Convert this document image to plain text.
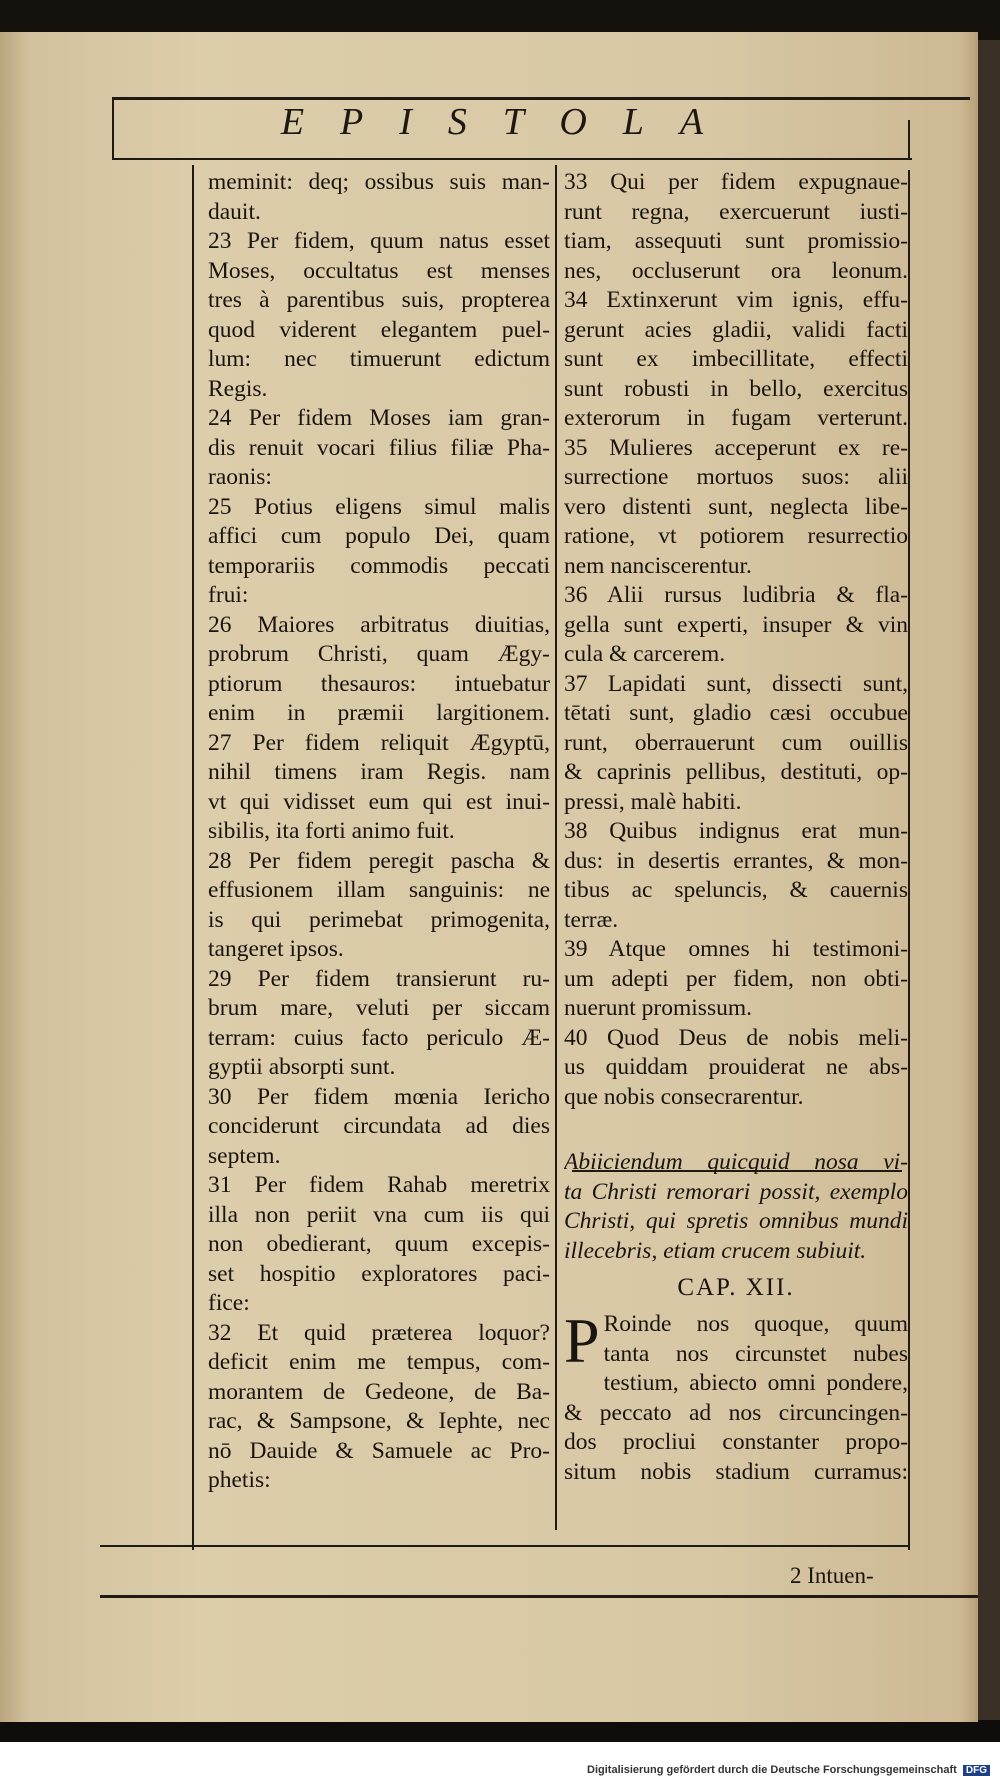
EPISTOLA
meminit: deq; ossibus suis man-
dauit.
23 Per fidem, quum natus esset
Moses, occultatus est menses
tres à parentibus suis, propterea
quod viderent elegantem puel-
lum: nec timuerunt edictum
Regis.
24 Per fidem Moses iam gran-
dis renuit vocari filius filiæ Pha-
raonis:
25 Potius eligens simul malis
affici cum populo Dei, quam
temporariis commodis peccati
frui:
26 Maiores arbitratus diuitias,
probrum Christi, quam Ægy-
ptiorum thesauros: intuebatur
enim in præmii largitionem.
27 Per fidem reliquit Ægyptū,
nihil timens iram Regis. nam
vt qui vidisset eum qui est inui-
sibilis, ita forti animo fuit.
28 Per fidem peregit pascha &
effusionem illam sanguinis: ne
is qui perimebat primogenita,
tangeret ipsos.
29 Per fidem transierunt ru-
brum mare, veluti per siccam
terram: cuius facto periculo Æ-
gyptii absorpti sunt.
30 Per fidem mœnia Iericho
conciderunt circundata ad dies
septem.
31 Per fidem Rahab meretrix
illa non periit vna cum iis qui
non obedierant, quum excepis-
set hospitio exploratores paci-
fice:
32 Et quid præterea loquor?
deficit enim me tempus, com-
morantem de Gedeone, de Ba-
rac, & Sampsone, & Iephte, nec
nō Dauide & Samuele ac Pro-
phetis:
33 Qui per fidem expugnaue-
runt regna, exercuerunt iusti-
tiam, assequuti sunt promissio-
nes, occluserunt ora leonum.
34 Extinxerunt vim ignis, effu-
gerunt acies gladii, validi facti
sunt ex imbecillitate, effecti
sunt robusti in bello, exercitus
exterorum in fugam verterunt.
35 Mulieres acceperunt ex re-
surrectione mortuos suos: alii
vero distenti sunt, neglecta libe-
ratione, vt potiorem resurrectio
nem nanciscerentur.
36 Alii rursus ludibria & fla-
gella sunt experti, insuper & vin
cula & carcerem.
37 Lapidati sunt, dissecti sunt,
tētati sunt, gladio cæsi occubue
runt, oberrauerunt cum ouillis
& caprinis pellibus, destituti, op-
pressi, malè habiti.
38 Quibus indignus erat mun-
dus: in desertis errantes, & mon-
tibus ac speluncis, & cauernis
terræ.
39 Atque omnes hi testimoni-
um adepti per fidem, non obti-
nuerunt promissum.
40 Quod Deus de nobis meli-
us quiddam prouiderat ne abs-
que nobis consecrarentur.
Abiiciendum quicquid nosa vi-
ta Christi remorari possit, exemplo
Christi, qui spretis omnibus mundi
illecebris, etiam crucem subiuit.
CAP. XII.
P Roinde nos quoque, quum
tanta nos circunstet nubes
testium, abiecto omni pondere,
& peccato ad nos circuncingen-
dos procliui constanter propo-
situm nobis stadium curramus:
2 Intuen-
Digitalisierung gefördert durch die Deutsche Forschungsgemeinschaft DFG
